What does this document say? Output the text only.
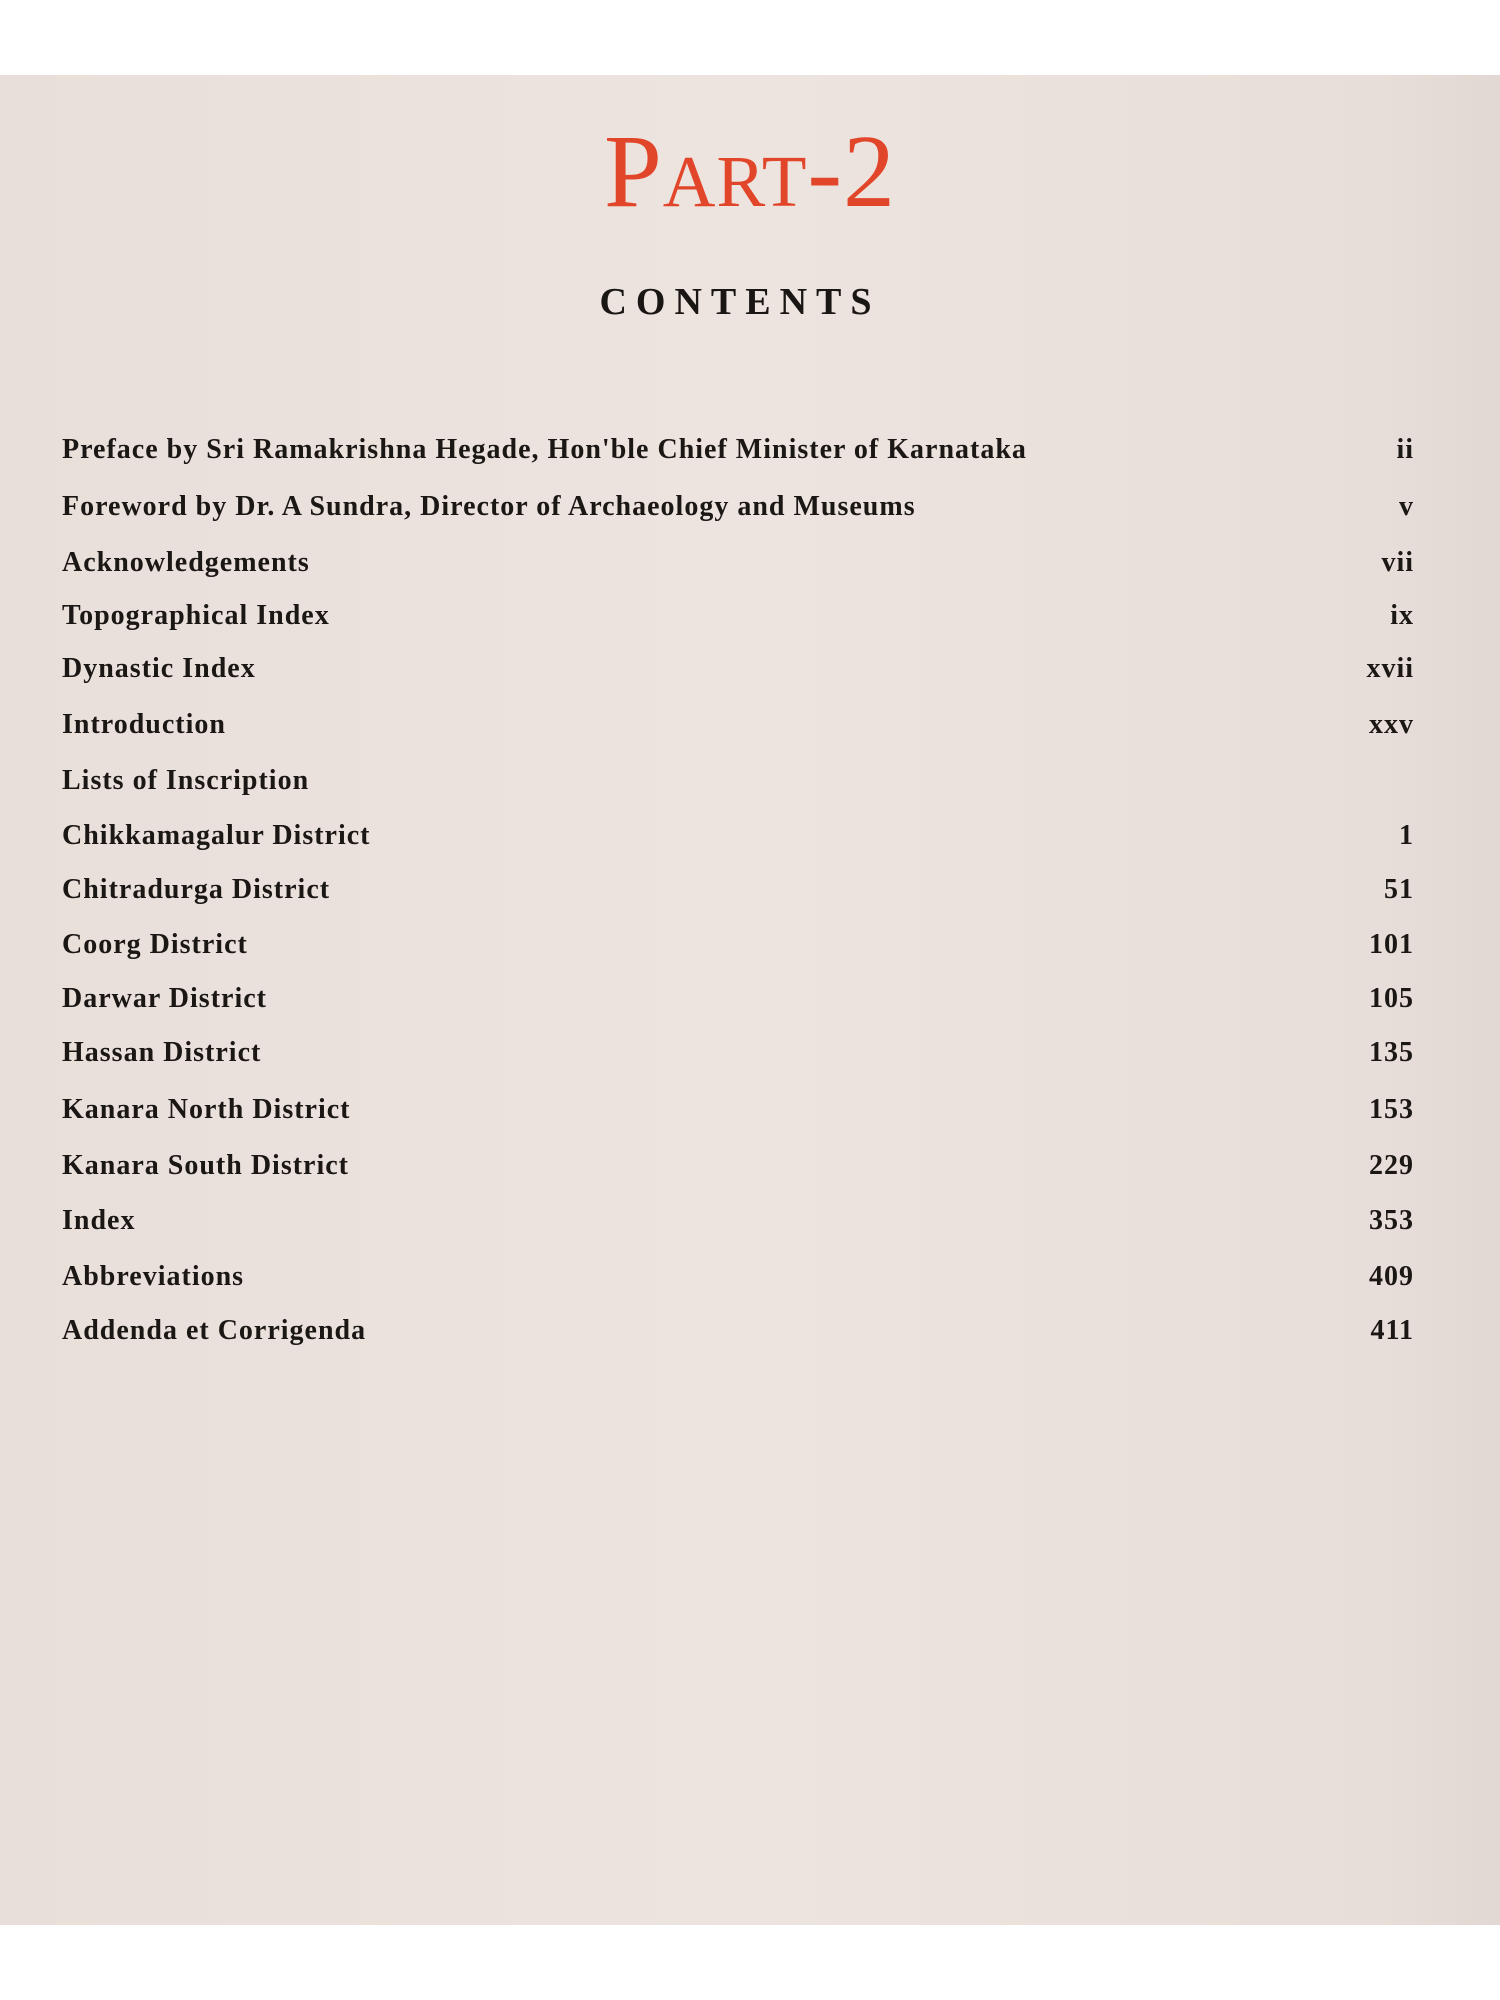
Part-2
CONTENTS
Preface by Sri Ramakrishna Hegade, Hon'ble Chief Minister of Karnataka	ii
Foreword by Dr. A Sundra, Director of Archaeology and Museums	v
Acknowledgements	vii
Topographical Index	ix
Dynastic Index	xvii
Introduction	xxv
Lists of Inscription
Chikkamagalur District	1
Chitradurga District	51
Coorg District	101
Darwar District	105
Hassan District	135
Kanara North District	153
Kanara South District	229
Index	353
Abbreviations	409
Addenda et Corrigenda	411
